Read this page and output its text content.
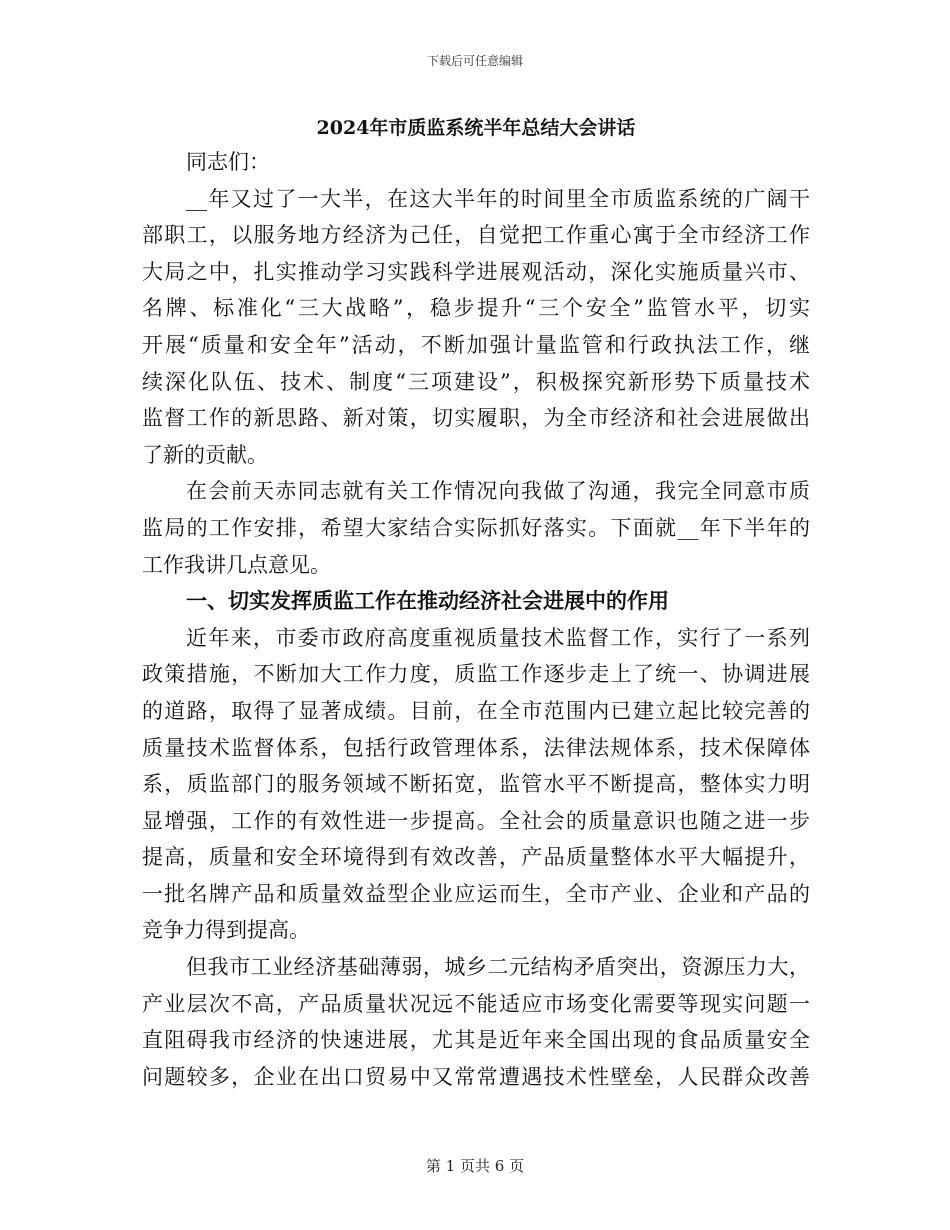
下载后可任意编辑
2024年市质监系统半年总结大会讲话

同志们：

__年又过了一大半，在这大半年的时间里全市质监系统的广阔干
部职工，以服务地方经济为己任，自觉把工作重心寓于全市经济工作
大局之中，扎实推动学习实践科学进展观活动，深化实施质量兴市、
名牌、标准化“三大战略”，稳步提升“三个安全”监管水平，切实
开展“质量和安全年”活动，不断加强计量监管和行政执法工作，继
续深化队伍、技术、制度“三项建设”，积极探究新形势下质量技术
监督工作的新思路、新对策，切实履职，为全市经济和社会进展做出
了新的贡献。
在会前天赤同志就有关工作情况向我做了沟通，我完全同意市质
监局的工作安排，希望大家结合实际抓好落实。下面就__年下半年的
工作我讲几点意见。
一、切实发挥质监工作在推动经济社会进展中的作用
近年来，市委市政府高度重视质量技术监督工作，实行了一系列
政策措施，不断加大工作力度，质监工作逐步走上了统一、协调进展
的道路，取得了显著成绩。目前，在全市范围内已建立起比较完善的
质量技术监督体系，包括行政管理体系，法律法规体系，技术保障体
系，质监部门的服务领域不断拓宽，监管水平不断提高，整体实力明
显增强，工作的有效性进一步提高。全社会的质量意识也随之进一步
提高，质量和安全环境得到有效改善，产品质量整体水平大幅提升，
一批名牌产品和质量效益型企业应运而生，全市产业、企业和产品的
竞争力得到提高。
但我市工业经济基础薄弱，城乡二元结构矛盾突出，资源压力大，
产业层次不高，产品质量状况远不能适应市场变化需要等现实问题一
直阻碍我市经济的快速进展，尤其是近年来全国出现的食品质量安全
问题较多，企业在出口贸易中又常常遭遇技术性壁垒，人民群众改善
第 1 页共 6 页
